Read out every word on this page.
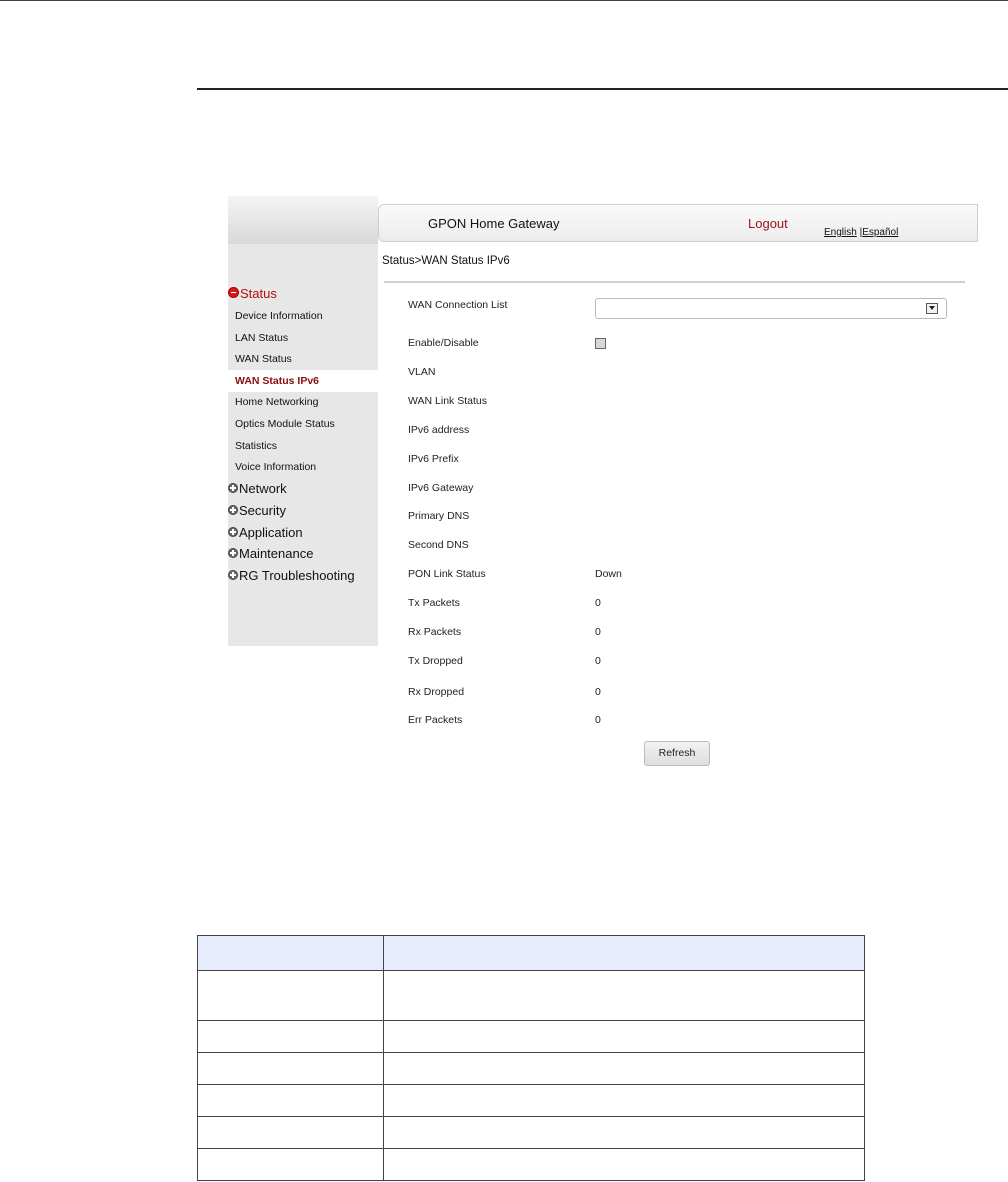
Status
Device Information
LAN Status
WAN Status
WAN Status IPv6
Home Networking
Optics Module Status
Statistics
Voice Information
Network
Security
Application
Maintenance
RG Troubleshooting
GPON Home Gateway	Logout
English |Español
Status>WAN Status IPv6
WAN Connection List
Enable/Disable
VLAN
WAN Link Status
IPv6 address
IPv6 Prefix
IPv6 Gateway
Primary DNS
Second DNS
PON Link Status	Down
Tx Packets	0
Rx Packets	0
Tx Dropped	0
Rx Dropped	0
Err Packets	0
Refresh
